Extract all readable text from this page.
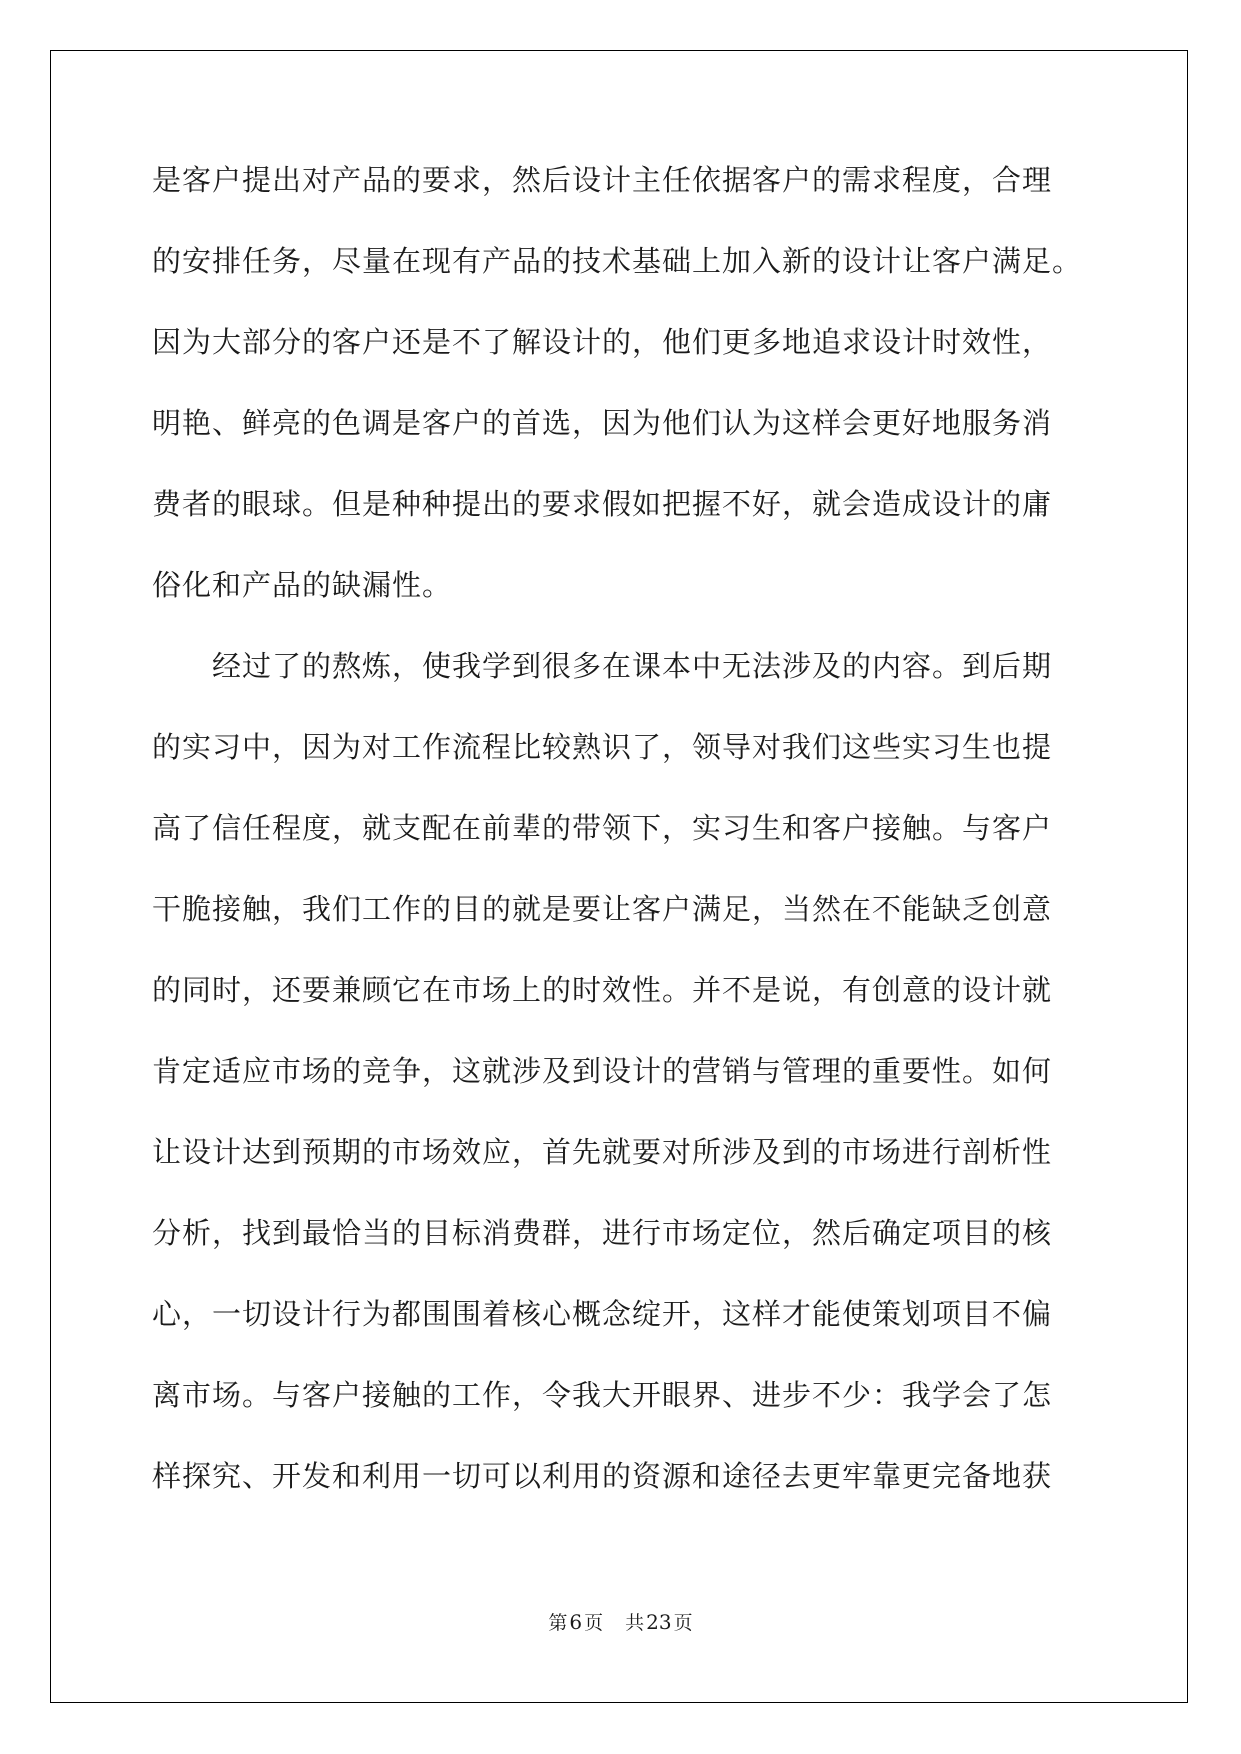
是客户提出对产品的要求，然后设计主任依据客户的需求程度，合理
的安排任务，尽量在现有产品的技术基础上加入新的设计让客户满足。
因为大部分的客户还是不了解设计的，他们更多地追求设计时效性，
明艳、鲜亮的色调是客户的首选，因为他们认为这样会更好地服务消
费者的眼球。但是种种提出的要求假如把握不好，就会造成设计的庸
俗化和产品的缺漏性。
经过了的熬炼，使我学到很多在课本中无法涉及的内容。到后期
的实习中，因为对工作流程比较熟识了，领导对我们这些实习生也提
高了信任程度，就支配在前辈的带领下，实习生和客户接触。与客户
干脆接触，我们工作的目的就是要让客户满足，当然在不能缺乏创意
的同时，还要兼顾它在市场上的时效性。并不是说，有创意的设计就
肯定适应市场的竞争，这就涉及到设计的营销与管理的重要性。如何
让设计达到预期的市场效应，首先就要对所涉及到的市场进行剖析性
分析，找到最恰当的目标消费群，进行市场定位，然后确定项目的核
心，一切设计行为都围围着核心概念绽开，这样才能使策划项目不偏
离市场。与客户接触的工作，令我大开眼界、进步不少：我学会了怎
样探究、开发和利用一切可以利用的资源和途径去更牢靠更完备地获
第 6 页 共 23 页
